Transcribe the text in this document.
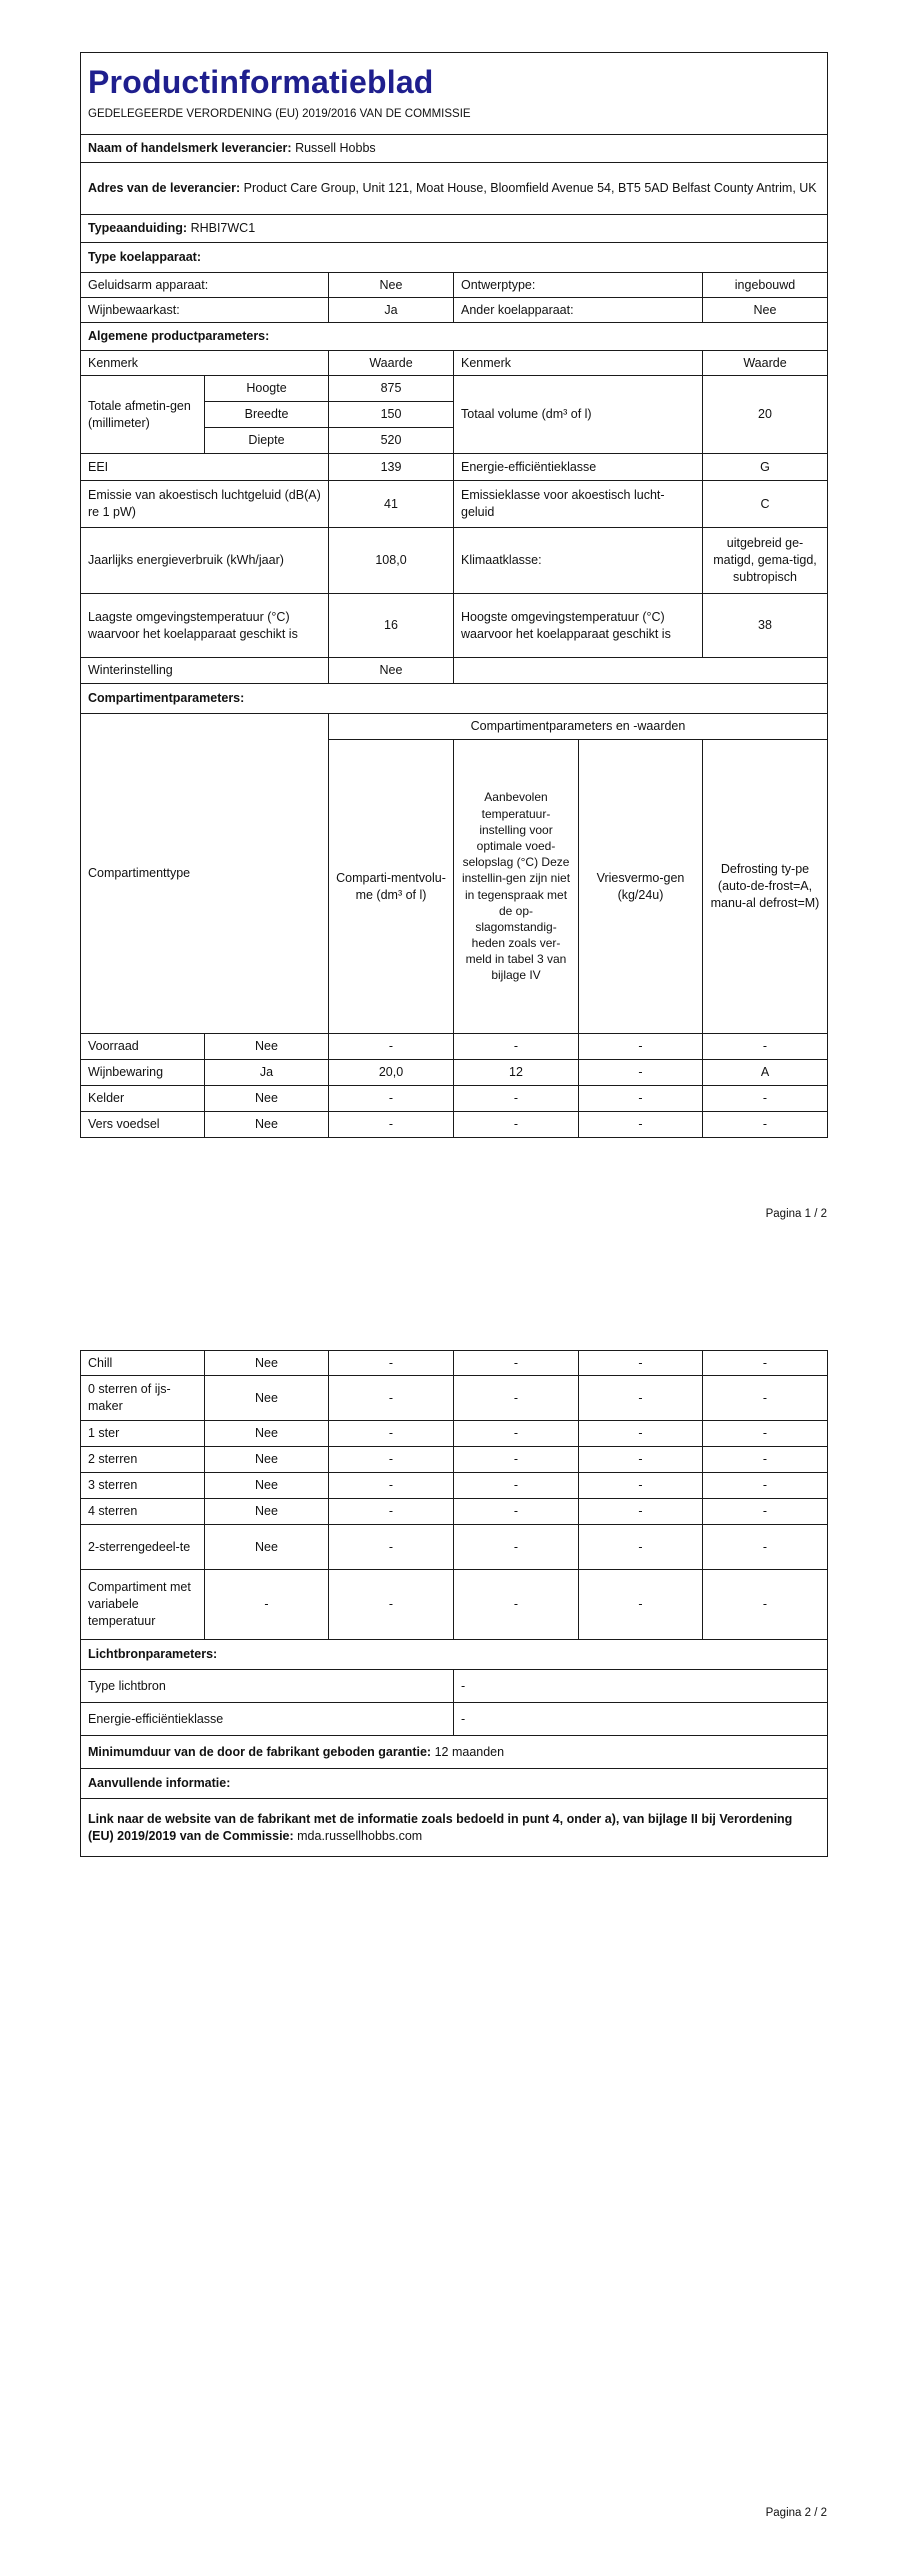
Productinformatieblad
GEDELEGEERDE VERORDENING (EU) 2019/2016 VAN DE COMMISSIE					

Naam of handelsmerk leverancier: Russell Hobbs					
Adres van de leverancier: Product Care Group, Unit 121, Moat House, Bloomfield Avenue 54, BT5 5AD Belfast County Antrim, UK					
Typeaanduiding: RHBI7WC1					
Type koelapparaat:					
Geluidsarm apparaat:		Nee	Ontwerptype:		ingebouwd
Wijnbewaarkast:		Ja	Ander koelapparaat:		Nee
Algemene productparameters:					
Kenmerk		Waarde	Kenmerk		Waarde
Totale afmetin-gen (millimeter)	Hoogte	875	Totaal volume (dm³ of l)		20
	Breedte	150			
	Diepte	520			
EEI		139	Energie-efficiëntieklasse		G
Emissie van akoestisch luchtgeluid (dB(A) re 1 pW)		41	Emissieklasse voor akoestisch lucht-geluid		C
Jaarlijks energieverbruik (kWh/jaar)		108,0	Klimaatklasse:		uitgebreid ge-matigd, gema-tigd, subtropisch
Laagste omgevingstemperatuur (°C) waarvoor het koelapparaat geschikt is		16	Hoogste omgevingstemperatuur (°C) waarvoor het koelapparaat geschikt is		38
Winterinstelling		Nee			
Compartimentparameters:					
Compartimenttype		Compartimentparameters en -waarden			
		Comparti-mentvolu-me (dm³ of l)	Aanbevolen temperatuur-instelling voor optimale voed-selopslag (°C) Deze instellin-gen zijn niet in tegenspraak met de op-slagomstandig-heden zoals ver-meld in tabel 3 van bijlage IV	Vriesvermo-gen (kg/24u)	Defrosting ty-pe (auto-de-frost=A, manu-al defrost=M)
Voorraad	Nee	-	-	-	-
Wijnbewaring	Ja	20,0	12	-	A
Kelder	Nee	-	-	-	-
Vers voedsel	Nee	-	-	-	-
Pagina 1 / 2
Chill	Nee	-	-	-	-
0 sterren of ijs-maker	Nee	-	-	-	-
1 ster	Nee	-	-	-	-
2 sterren	Nee	-	-	-	-
3 sterren	Nee	-	-	-	-
4 sterren	Nee	-	-	-	-
2-sterrengedeel-te	Nee	-	-	-	-
Compartiment met variabele temperatuur	-	-	-	-	-
Lichtbronparameters:					
Type lichtbron			-		
Energie-efficiëntieklasse			-		
Minimumduur van de door de fabrikant geboden garantie: 12 maanden					
Aanvullende informatie:					
Link naar de website van de fabrikant met de informatie zoals bedoeld in punt 4, onder a), van bijlage II bij Verordening (EU) 2019/2019 van de Commissie: mda.russellhobbs.com					
Pagina 2 / 2
